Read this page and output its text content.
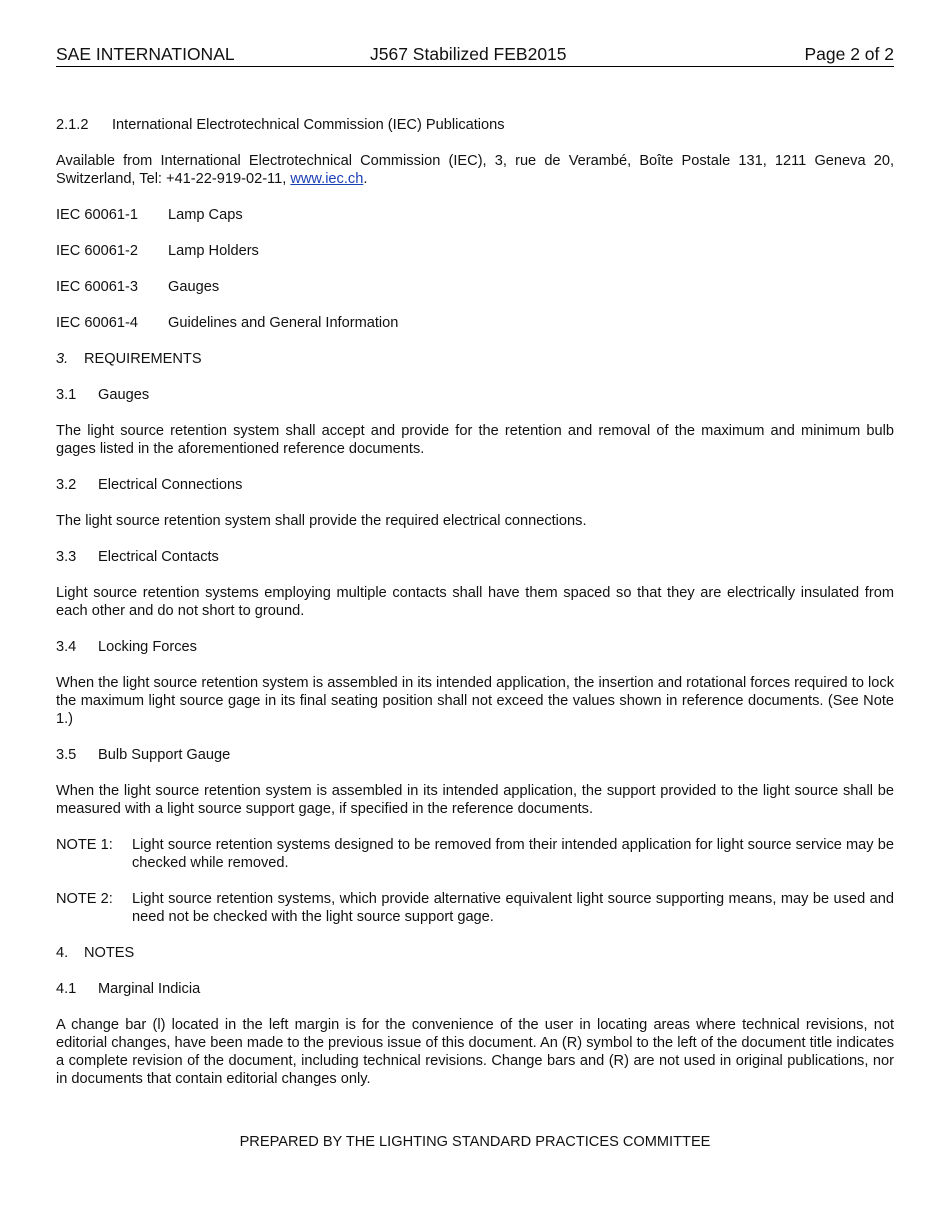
SAE INTERNATIONAL	J567 Stabilized FEB2015	Page 2 of 2
2.1.2 International Electrotechnical Commission (IEC) Publications
Available from International Electrotechnical Commission (IEC), 3, rue de Verambé, Boîte Postale 131, 1211 Geneva 20, Switzerland, Tel: +41-22-919-02-11, www.iec.ch.
IEC 60061-1 Lamp Caps
IEC 60061-2 Lamp Holders
IEC 60061-3 Gauges
IEC 60061-4 Guidelines and General Information
3. REQUIREMENTS
3.1 Gauges
The light source retention system shall accept and provide for the retention and removal of the maximum and minimum bulb gages listed in the aforementioned reference documents.
3.2 Electrical Connections
The light source retention system shall provide the required electrical connections.
3.3 Electrical Contacts
Light source retention systems employing multiple contacts shall have them spaced so that they are electrically insulated from each other and do not short to ground.
3.4 Locking Forces
When the light source retention system is assembled in its intended application, the insertion and rotational forces required to lock the maximum light source gage in its final seating position shall not exceed the values shown in reference documents. (See Note 1.)
3.5 Bulb Support Gauge
When the light source retention system is assembled in its intended application, the support provided to the light source shall be measured with a light source support gage, if specified in the reference documents.
NOTE 1:	Light source retention systems designed to be removed from their intended application for light source service may be checked while removed.
NOTE 2:	Light source retention systems, which provide alternative equivalent light source supporting means, may be used and need not be checked with the light source support gage.
4. NOTES
4.1 Marginal Indicia
A change bar (l) located in the left margin is for the convenience of the user in locating areas where technical revisions, not editorial changes, have been made to the previous issue of this document. An (R) symbol to the left of the document title indicates a complete revision of the document, including technical revisions. Change bars and (R) are not used in original publications, nor in documents that contain editorial changes only.
PREPARED BY THE LIGHTING STANDARD PRACTICES COMMITTEE
